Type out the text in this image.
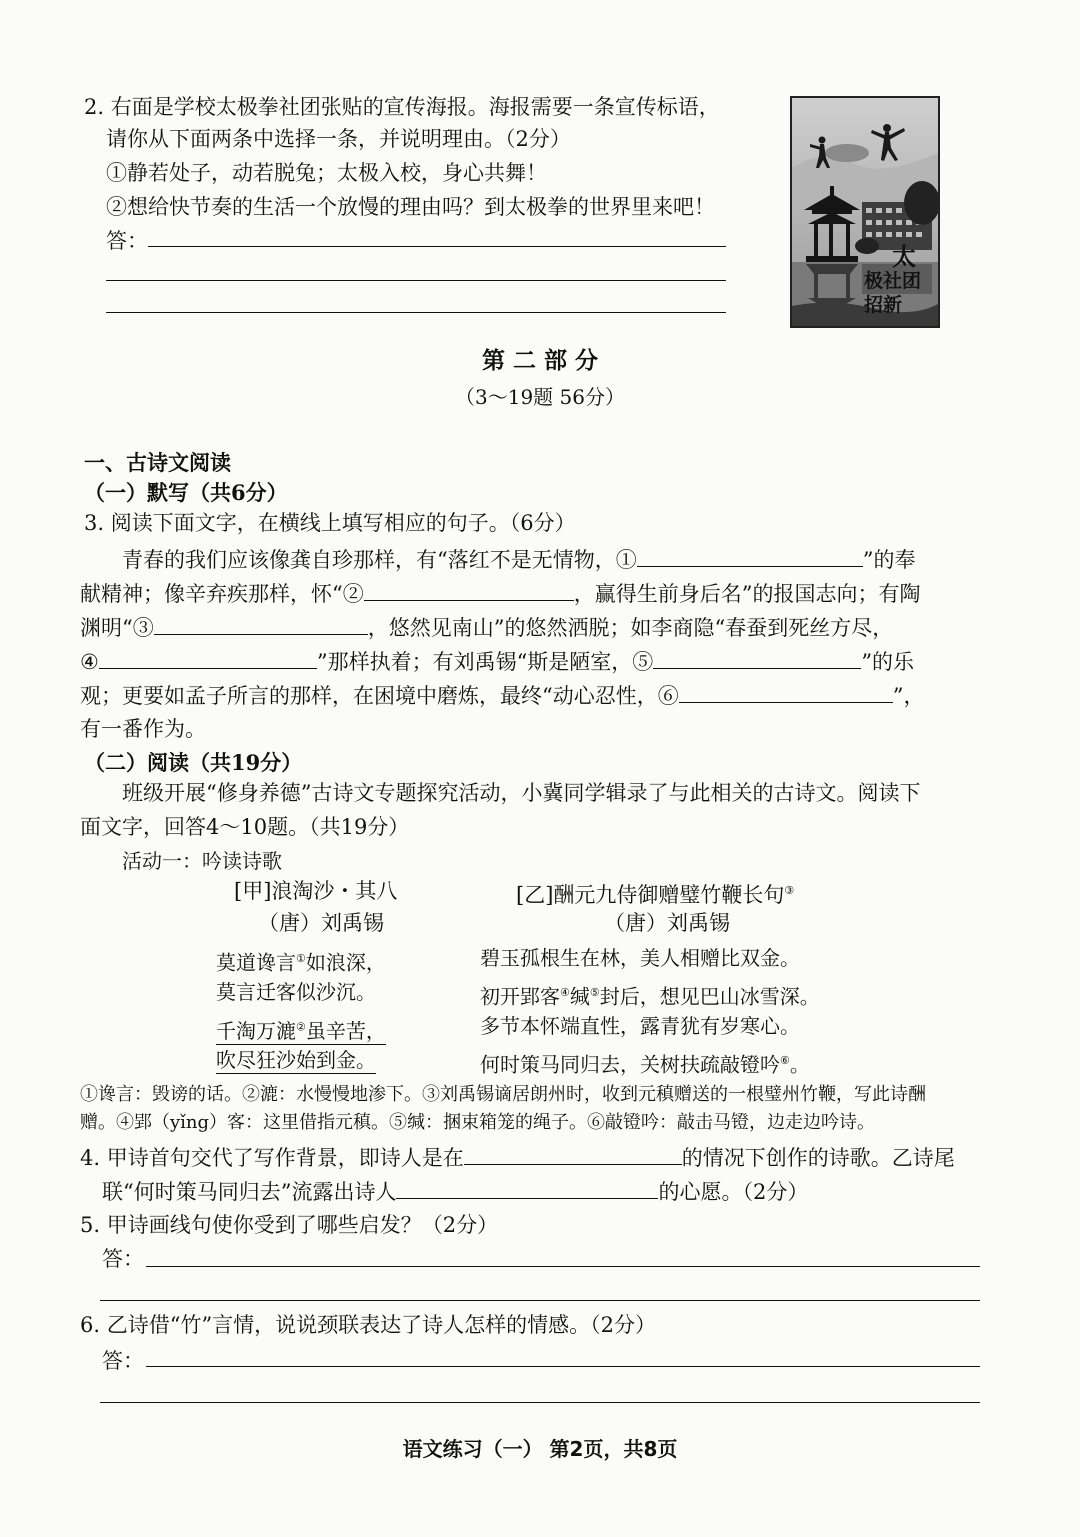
2. 右面是学校太极拳社团张贴的宣传海报。海报需要一条宣传标语，
请你从下面两条中选择一条，并说明理由。（2分）
①静若处子，动若脱兔；太极入校，身心共舞！
②想给快节奏的生活一个放慢的理由吗？到太极拳的世界里来吧！
答：
太
极社团
招新
第 二 部 分
（3～19题 56分）
一、古诗文阅读
（一）默写（共6分）
3. 阅读下面文字，在横线上填写相应的句子。（6分）
青春的我们应该像龚自珍那样，有“落红不是无情物，①	”的奉
献精神；像辛弃疾那样，怀“②	，赢得生前身后名”的报国志向；有陶
渊明“③	，悠然见南山”的悠然洒脱；如李商隐“春蚕到死丝方尽，
④	”那样执着；有刘禹锡“斯是陋室，⑤	”的乐
观；更要如孟子所言的那样，在困境中磨炼，最终“动心忍性，⑥	”，
有一番作为。
（二）阅读（共19分）
班级开展“修身养德”古诗文专题探究活动，小冀同学辑录了与此相关的古诗文。阅读下
面文字，回答4～10题。（共19分）
活动一：吟读诗歌
[甲]浪淘沙・其八
（唐）刘禹锡
莫道谗言①如浪深，
莫言迁客似沙沉。
千淘万漉②虽辛苦，
吹尽狂沙始到金。
[乙]酬元九侍御赠璧竹鞭长句③
（唐）刘禹锡
碧玉孤根生在林，美人相赠比双金。
初开郢客④缄⑤封后，想见巴山冰雪深。
多节本怀端直性，露青犹有岁寒心。
何时策马同归去，关树扶疏敲镫吟⑥。
①谗言：毁谤的话。②漉：水慢慢地渗下。③刘禹锡谪居朗州时，收到元稹赠送的一根璧州竹鞭，写此诗酬
赠。④郢（yǐng）客：这里借指元稹。⑤缄：捆束箱笼的绳子。⑥敲镫吟：敲击马镫，边走边吟诗。
4. 甲诗首句交代了写作背景，即诗人是在	的情况下创作的诗歌。乙诗尾
联“何时策马同归去”流露出诗人	的心愿。（2分）
5. 甲诗画线句使你受到了哪些启发？（2分）
答：
6. 乙诗借“竹”言情，说说颈联表达了诗人怎样的情感。（2分）
答：
语文练习（一） 第2页，共8页
